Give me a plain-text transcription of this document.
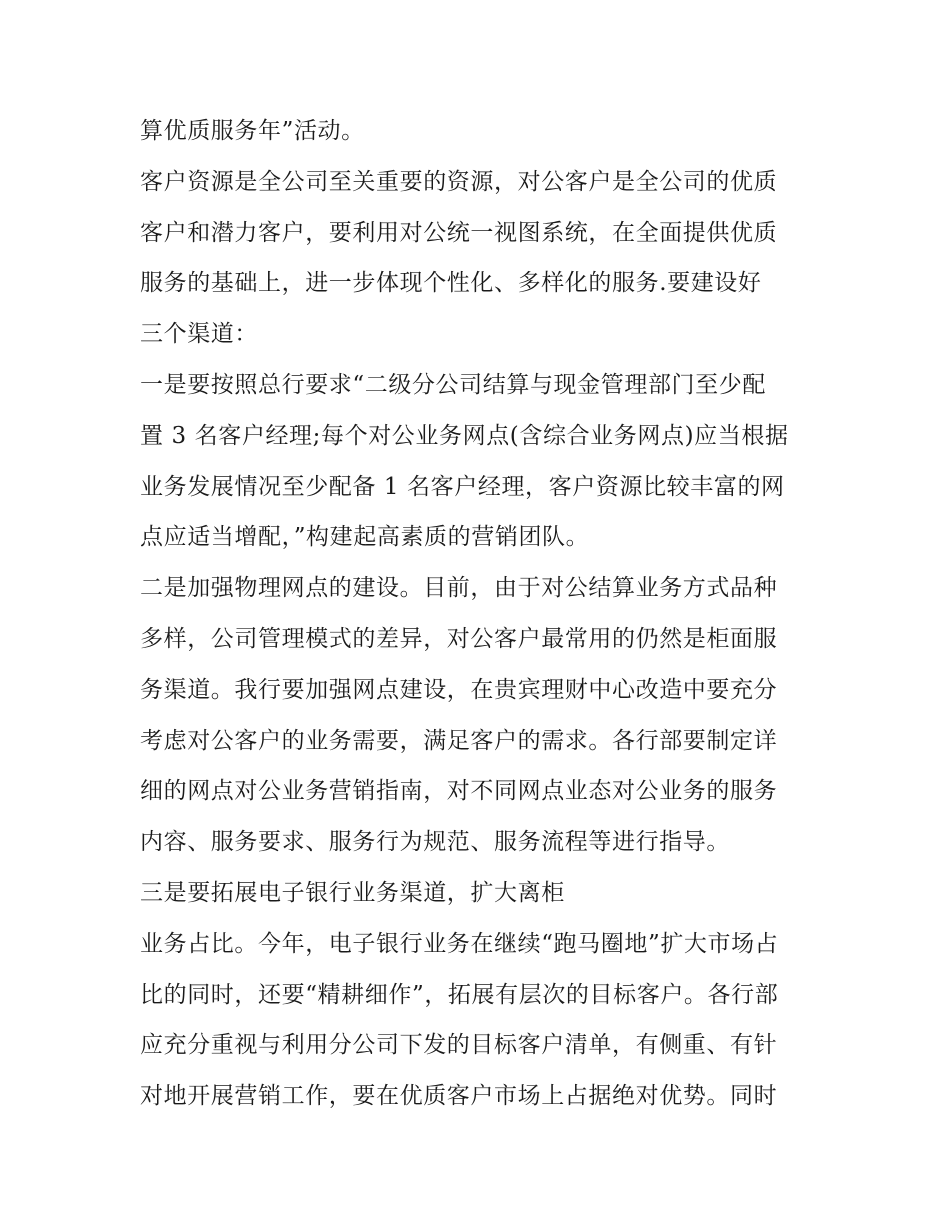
算优质服务年”活动。
客户资源是全公司至关重要的资源，对公客户是全公司的优质
客户和潜力客户，要利用对公统一视图系统，在全面提供优质
服务的基础上，进一步体现个性化、多样化的服务.要建设好
三个渠道：
一是要按照总行要求“二级分公司结算与现金管理部门至少配
置 3 名客户经理;每个对公业务网点(含综合业务网点)应当根据
业务发展情况至少配备 1 名客户经理，客户资源比较丰富的网
点应适当增配，”构建起高素质的营销团队。
二是加强物理网点的建设。目前，由于对公结算业务方式品种
多样，公司管理模式的差异，对公客户最常用的仍然是柜面服
务渠道。我行要加强网点建设，在贵宾理财中心改造中要充分
考虑对公客户的业务需要，满足客户的需求。各行部要制定详
细的网点对公业务营销指南，对不同网点业态对公业务的服务
内容、服务要求、服务行为规范、服务流程等进行指导。
三是要拓展电子银行业务渠道，扩大离柜
业务占比。今年，电子银行业务在继续“跑马圈地”扩大市场占
比的同时，还要“精耕细作”，拓展有层次的目标客户。各行部
应充分重视与利用分公司下发的目标客户清单，有侧重、有针
对地开展营销工作，要在优质客户市场上占据绝对优势。同时
